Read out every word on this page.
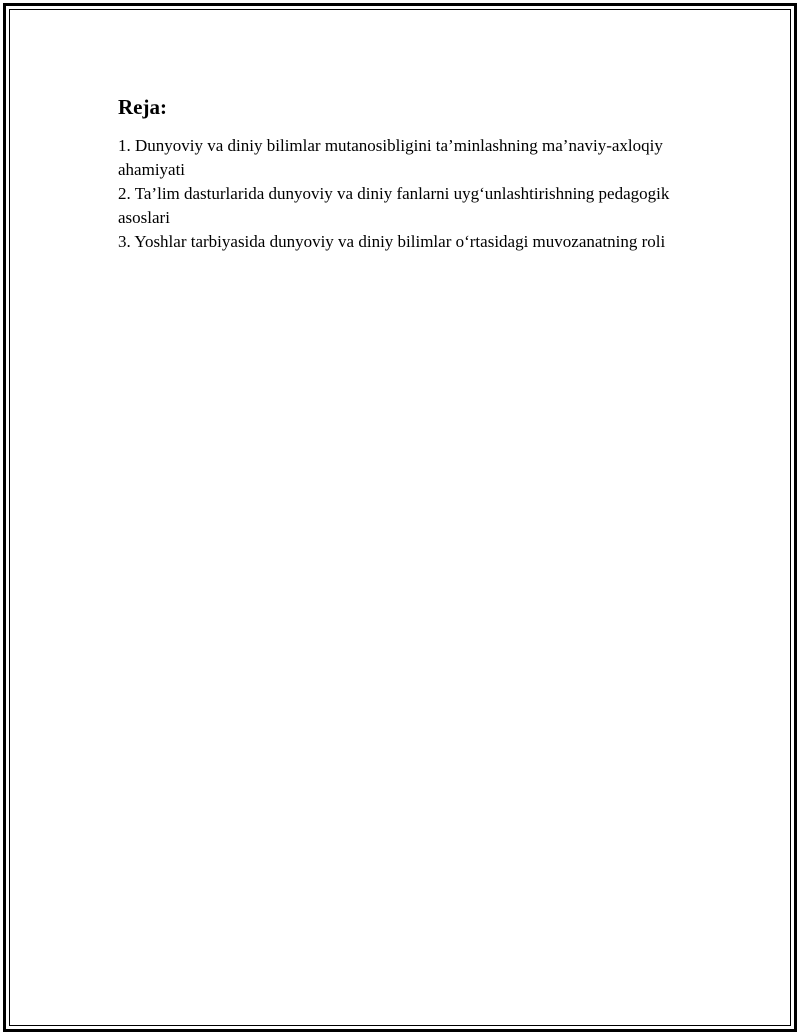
Reja:
1. Dunyoviy va diniy bilimlar mutanosibligini ta’minlashning ma’naviy-axloqiy ahamiyati
2. Ta’lim dasturlarida dunyoviy va diniy fanlarni uyg‘unlashtirishning pedagogik asoslari
3. Yoshlar tarbiyasida dunyoviy va diniy bilimlar o‘rtasidagi muvozanatning roli
